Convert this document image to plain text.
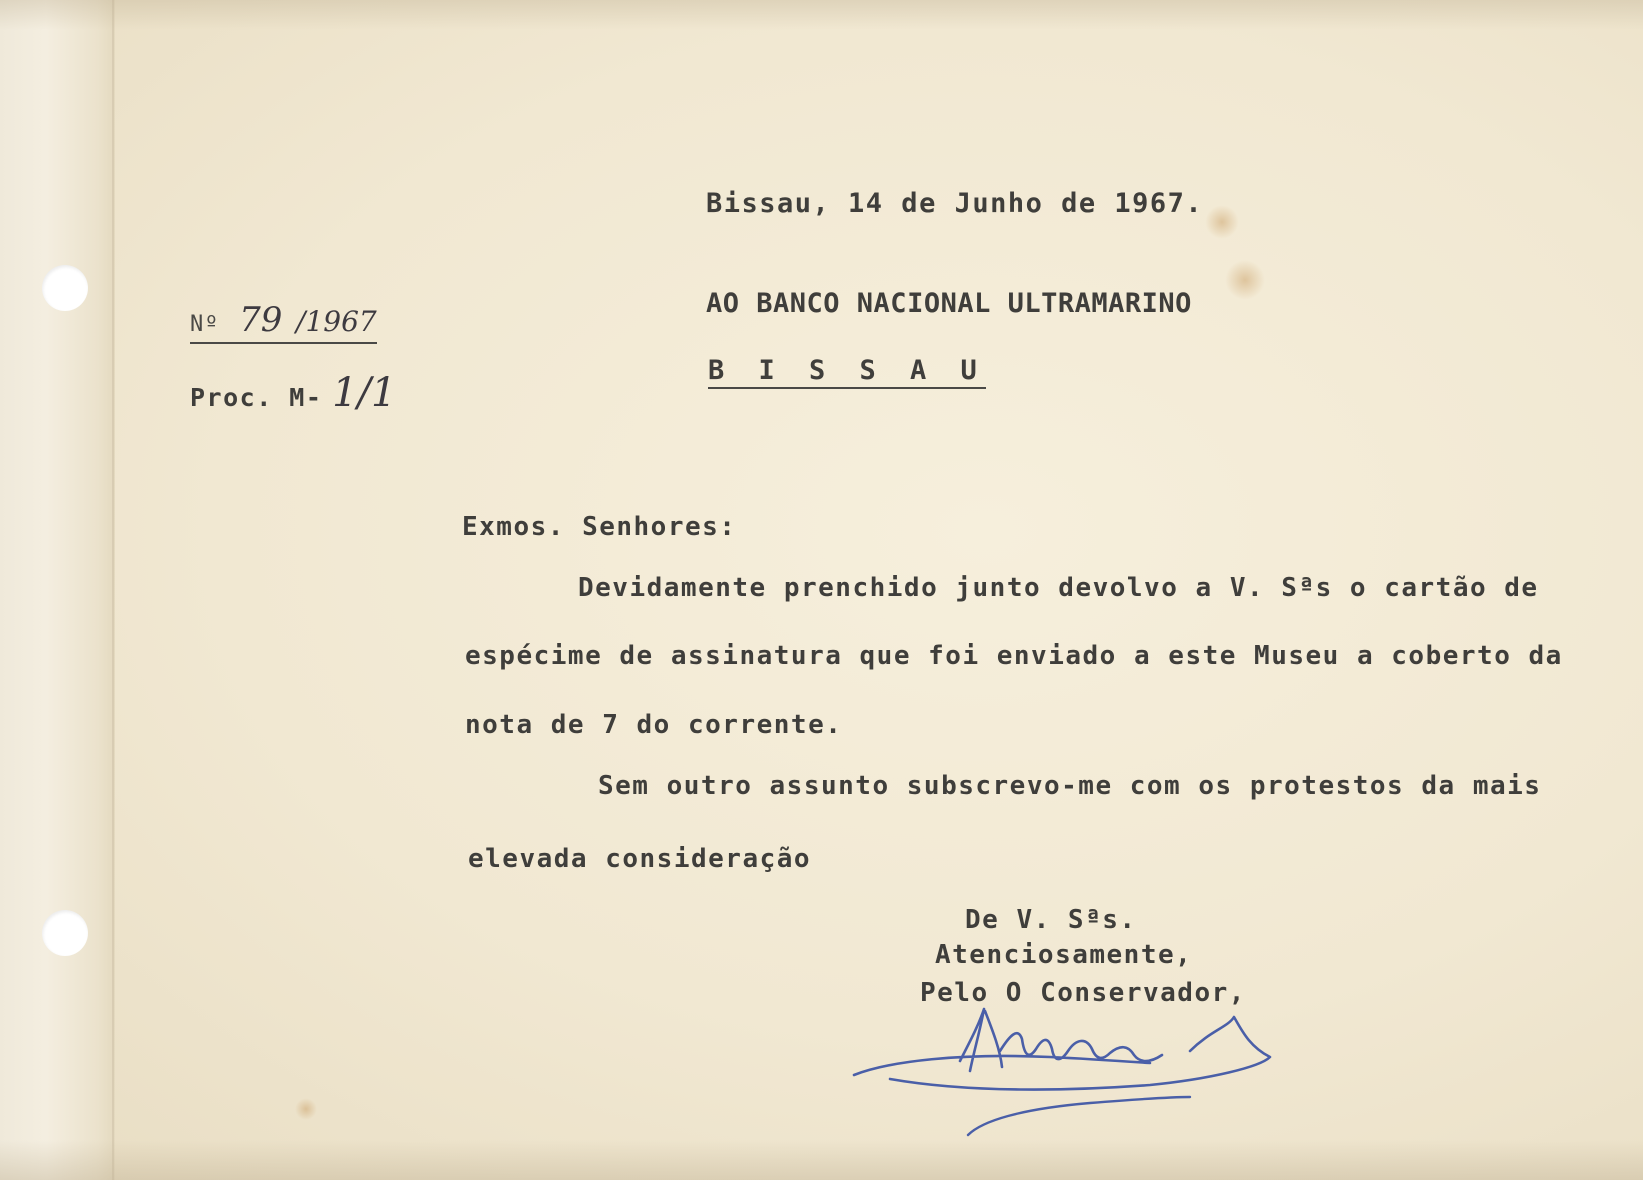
Bissau, 14 de Junho de 1967.

AO BANCO NACIONAL ULTRAMARINO

B I S S A U

Nº 79 /1967
Proc. M- 1/1

Exmos. Senhores:

Devidamente prenchido junto devolvo a V. Sªs o cartão de

espécime de assinatura que foi enviado a este Museu a coberto da

nota de 7 do corrente.

Sem outro assunto subscrevo-me com os protestos da mais

elevada consideração

De V. Sªs.

Atenciosamente,

Pelo O Conservador,
